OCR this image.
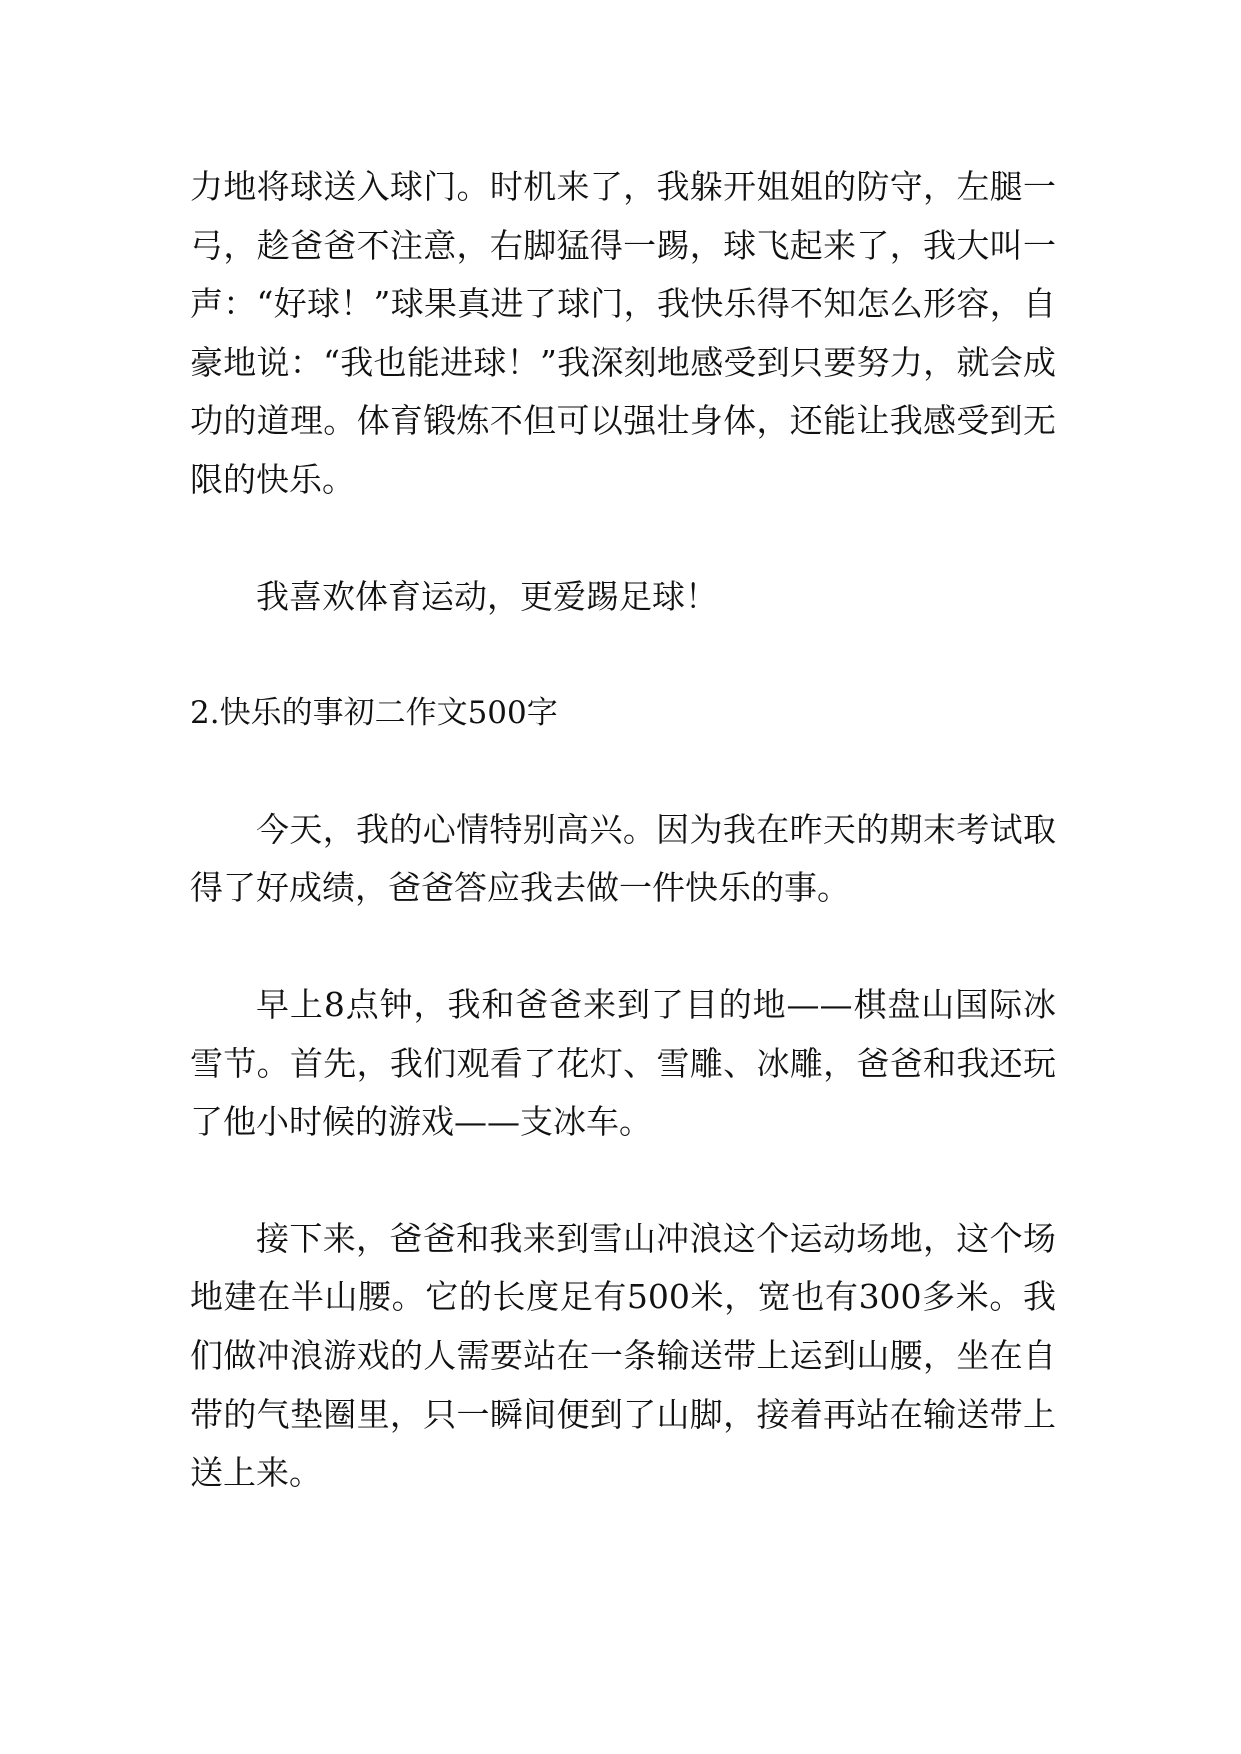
力地将球送入球门。时机来了，我躲开姐姐的防守，左腿一弓，趁爸爸不注意，右脚猛得一踢，球飞起来了，我大叫一声：“好球！”球果真进了球门，我快乐得不知怎么形容，自豪地说：“我也能进球！”我深刻地感受到只要努力，就会成功的道理。体育锻炼不但可以强壮身体，还能让我感受到无限的快乐。

我喜欢体育运动，更爱踢足球！

2.快乐的事初二作文500字

今天，我的心情特别高兴。因为我在昨天的期末考试取得了好成绩，爸爸答应我去做一件快乐的事。

早上8点钟，我和爸爸来到了目的地——棋盘山国际冰雪节。首先，我们观看了花灯、雪雕、冰雕，爸爸和我还玩了他小时候的游戏——支冰车。

接下来，爸爸和我来到雪山冲浪这个运动场地，这个场地建在半山腰。它的长度足有500米，宽也有300多米。我们做冲浪游戏的人需要站在一条输送带上运到山腰，坐在自带的气垫圈里，只一瞬间便到了山脚，接着再站在输送带上送上来。
